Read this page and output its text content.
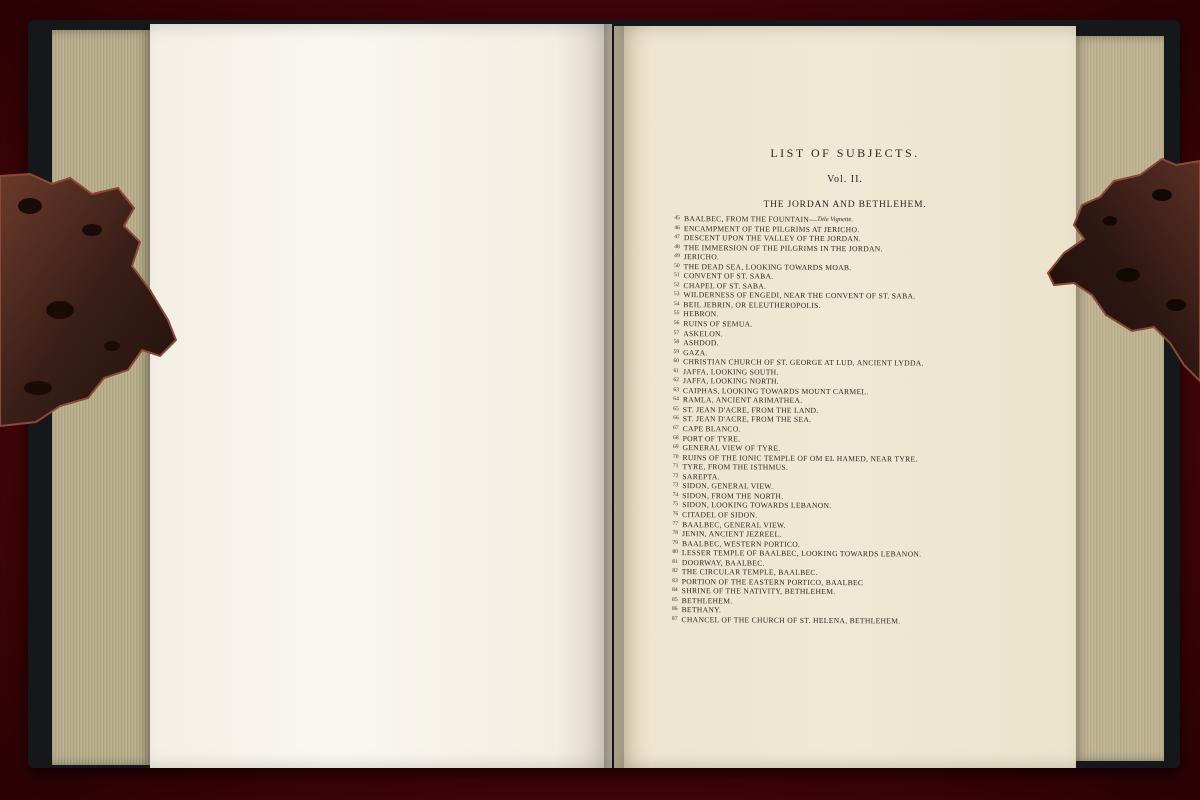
LIST OF SUBJECTS.
Vol. II.
THE JORDAN AND BETHLEHEM.
45 BAALBEC, FROM THE FOUNTAIN— Title Vignette.
46 ENCAMPMENT OF THE PILGRIMS AT JERICHO.
47 DESCENT UPON THE VALLEY OF THE JORDAN.
48 THE IMMERSION OF THE PILGRIMS IN THE JORDAN.
49 JERICHO.
50 THE DEAD SEA, LOOKING TOWARDS MOAB.
51 CONVENT OF ST. SABA.
52 CHAPEL OF ST. SABA.
53 WILDERNESS OF ENGEDI, NEAR THE CONVENT OF ST. SABA.
54 BEIL JEBRIN, OR ELEUTHEROPOLIS.
55 HEBRON.
56 RUINS OF SEMUA.
57 ASKELON.
58 ASHDOD.
59 GAZA.
60 CHRISTIAN CHURCH OF ST. GEORGE AT LUD, ANCIENT LYDDA.
61 JAFFA, LOOKING SOUTH.
62 JAFFA, LOOKING NORTH.
63 CAIPHAS, LOOKING TOWARDS MOUNT CARMEL.
64 RAMLA, ANCIENT ARIMATHEA.
65 ST. JEAN D'ACRE, FROM THE LAND.
66 ST. JEAN D'ACRE, FROM THE SEA.
67 CAPE BLANCO.
68 PORT OF TYRE.
69 GENERAL VIEW OF TYRE.
70 RUINS OF THE IONIC TEMPLE OF OM EL HAMED, NEAR TYRE.
71 TYRE, FROM THE ISTHMUS.
72 SAREPTA.
73 SIDON, GENERAL VIEW.
74 SIDON, FROM THE NORTH.
75 SIDON, LOOKING TOWARDS LEBANON.
76 CITADEL OF SIDON.
77 BAALBEC, GENERAL VIEW.
78 JENIN, ANCIENT JEZREEL.
79 BAALBEC, WESTERN PORTICO.
80 LESSER TEMPLE OF BAALBEC, LOOKING TOWARDS LEBANON.
81 DOORWAY, BAALBEC.
82 THE CIRCULAR TEMPLE, BAALBEC.
83 PORTION OF THE EASTERN PORTICO, BAALBEC
84 SHRINE OF THE NATIVITY, BETHLEHEM.
85 BETHLEHEM.
86 BETHANY.
87 CHANCEL OF THE CHURCH OF ST. HELENA, BETHLEHEM.
